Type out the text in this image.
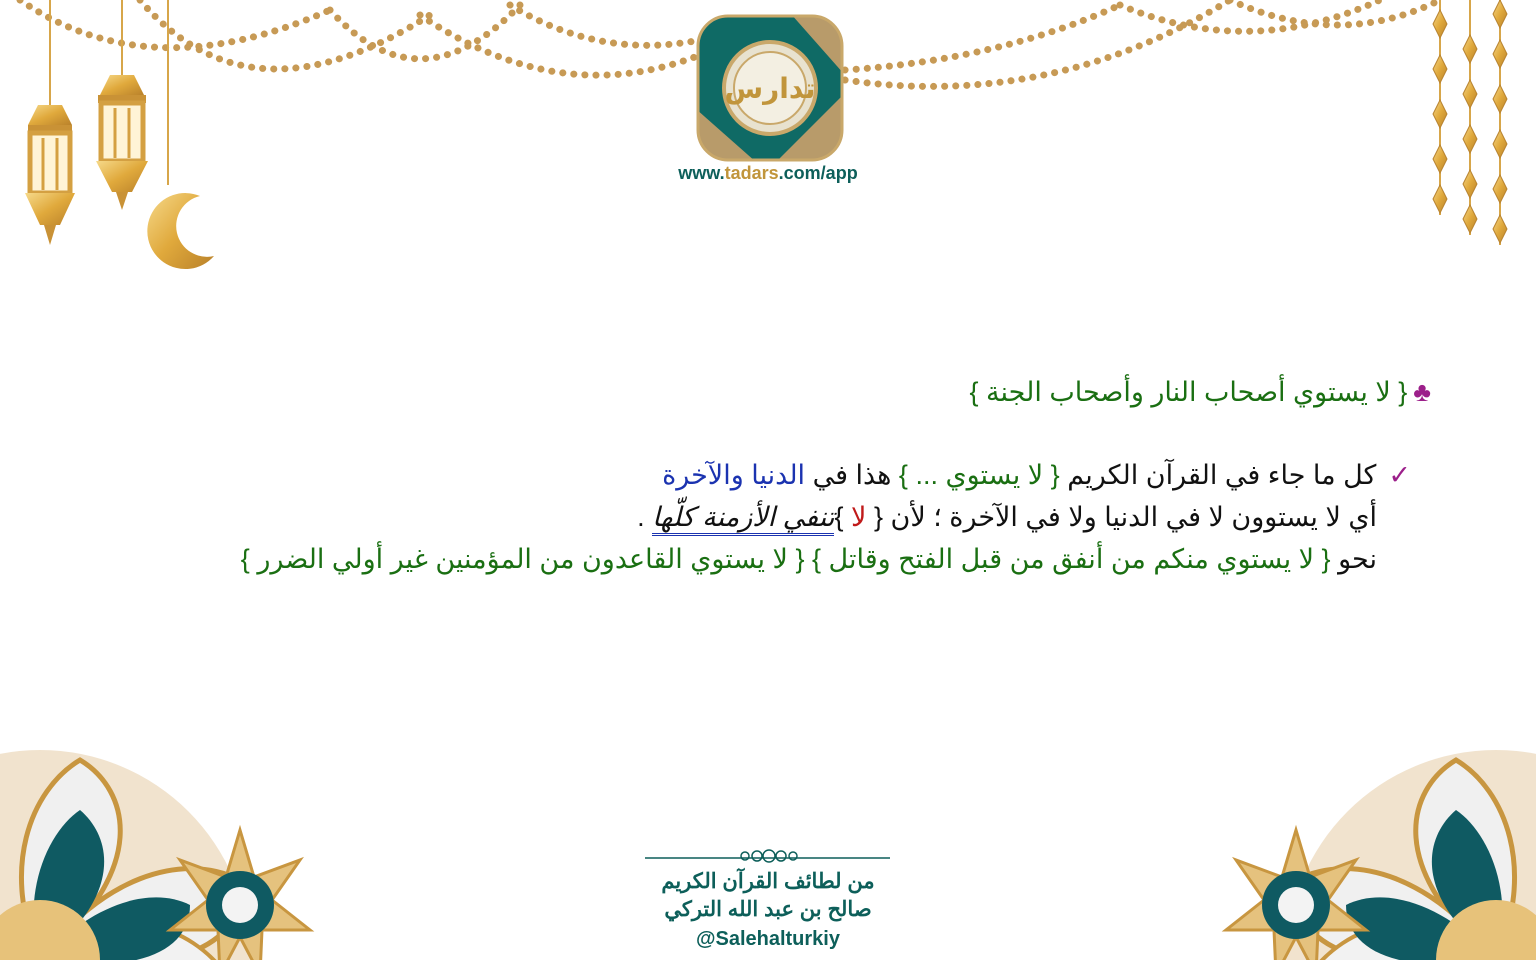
تدارس
www.tadars.com/app
♣{ لا يستوي أصحاب النار وأصحاب الجنة }
✓كل ما جاء في القرآن الكريم { لا يستوي ... } هذا في الدنيا والآخرة
أي لا يستوون لا في الدنيا ولا في الآخرة ؛ لأن { لا }تنفي الأزمنة كلّها .
نحو { لا يستوي منكم من أنفق من قبل الفتح وقاتل } { لا يستوي القاعدون من المؤمنين غير أولي الضرر }
من لطائف القرآن الكريم
صالح بن عبد الله التركي
@Salehalturkiy
